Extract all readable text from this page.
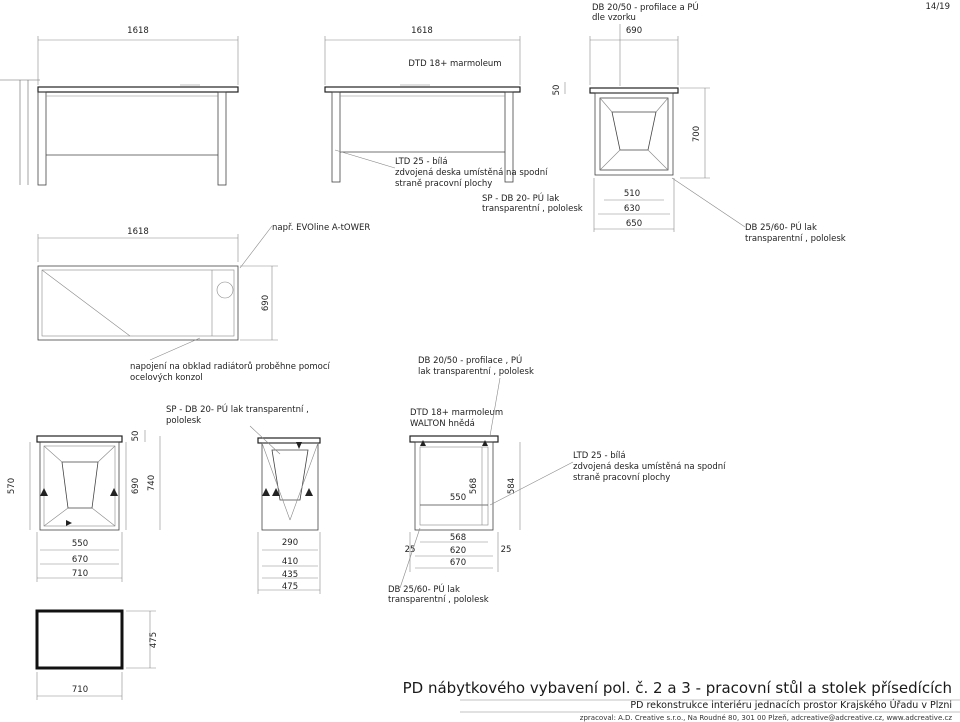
1618	1618	690
50
700
510
630
650
DB 20/50 - profilace a PÚ
dle vzorku
DTD 18+ marmoleum
14/19
LTD 25 - bílá
zdvojená deska umístěná na spodní
straně pracovní plochy
SP - DB 20- PÚ lak
transparentní , pololesk
např. EVOline A-tOWER	DB 25/60- PÚ lak
transparentní , pololesk
1618
690
napojení na obklad radiátorů proběhne pomocí
ocelových konzol
DB 20/50 - profilace , PÚ
lak transparentní , pololesk
570	690 740
50
550
568	584
550
670
710
290
410
435
475
25
568
620	25
670
SP - DB 20- PÚ lak transparentní ,
pololesk
DTD 18+ marmoleum
WALTON hnědá
LTD 25 - bílá
zdvojená deska umístěná na spodní
straně pracovní plochy
DB 25/60- PÚ lak
transparentní , pololesk
475
710	PD nábytkového vybavení pol. č. 2 a 3 - pracovní stůl a stolek přísedících
PD rekonstrukce interiéru jednacích prostor Krajského Úřadu v Plzni
zpracoval: A.D. Creative s.r.o., Na Roudné 80, 301 00 Plzeň, adcreative@adcreative.cz, www.adcreative.cz
